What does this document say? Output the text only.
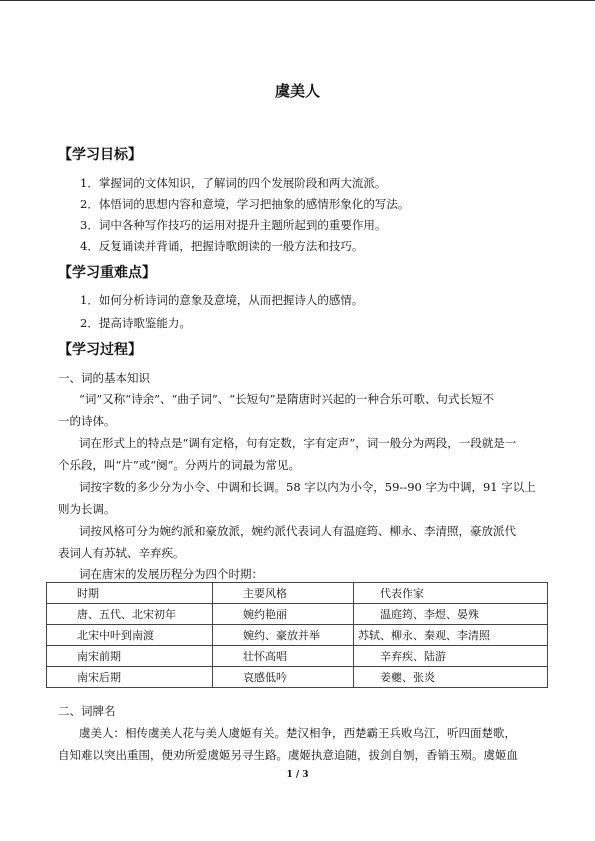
虞美人
【学习目标】
1．掌握词的文体知识，了解词的四个发展阶段和两大流派。
2．体悟词的思想内容和意境，学习把抽象的感情形象化的写法。
3．词中各种写作技巧的运用对提升主题所起到的重要作用。
4．反复诵读并背诵，把握诗歌朗读的一般方法和技巧。
【学习重难点】
1．如何分析诗词的意象及意境，从而把握诗人的感情。
2．提高诗歌鉴能力。
【学习过程】
一、词的基本知识
“词”又称“诗余”、“曲子词”、“长短句”是隋唐时兴起的一种合乐可歌、句式长短不
一的诗体。
词在形式上的特点是“调有定格，句有定数，字有定声”，词一般分为两段，一段就是一
个乐段，叫“片”或“阕”。分两片的词最为常见。
词按字数的多少分为小令、中调和长调。58 字以内为小令，59--90 字为中调，91 字以上
则为长调。
词按风格可分为婉约派和豪放派，婉约派代表词人有温庭筠、柳永、李清照，豪放派代
表词人有苏轼、辛弃疾。
词在唐宋的发展历程分为四个时期：
时期	主要风格	代表作家
唐、五代、北宋初年	婉约艳丽	温庭筠、李煜、晏殊
北宋中叶到南渡	婉约、豪放并举	苏轼、柳永、秦观、李清照
南宋前期	壮怀高唱	辛弃疾、陆游
南宋后期	哀感低吟	姜夔、张炎
二、词牌名
虞美人：相传虞美人花与美人虞姬有关。楚汉相争，西楚霸王兵败乌江，听四面楚歌，
自知难以突出重围，便劝所爱虞姬另寻生路。虞姬执意追随，拔剑自刎，香销玉殒。虞姬血
1 / 3
